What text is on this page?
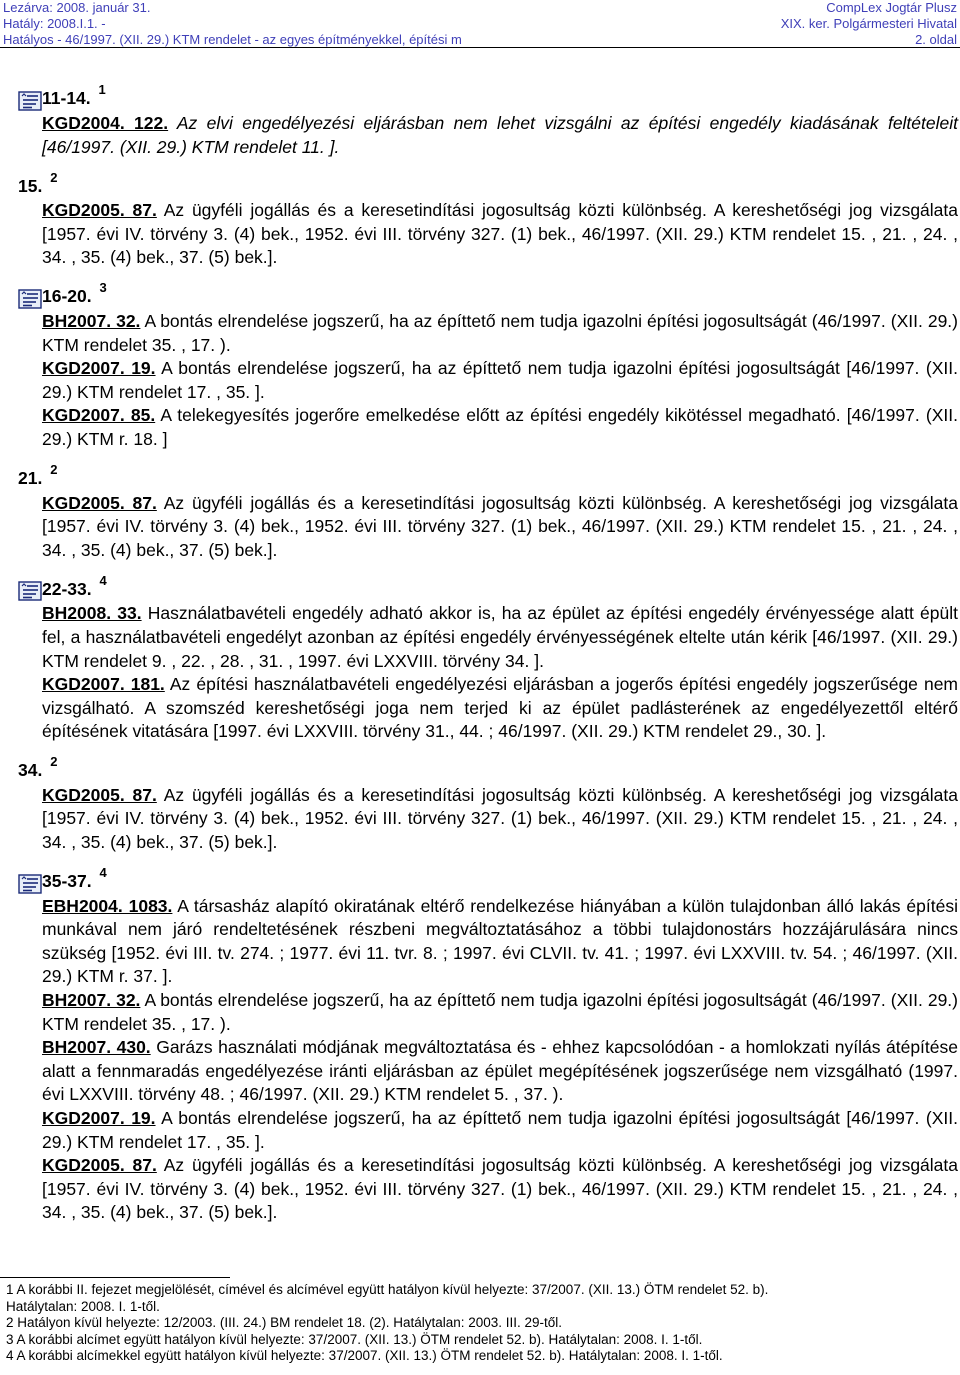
Lezárva: 2008. január 31.
Hatály: 2008.I.1. -
Hatályos - 46/1997. (XII. 29.) KTM rendelet - az egyes építményekkel, építési m
CompLex Jogtár Plusz
XIX. ker. Polgármesteri Hivatal
2. oldal
11-14. $^1$
KGD2004. 122. Az elvi engedélyezési eljárásban nem lehet vizsgálni az építési engedély kiadásának feltételeit [46/1997. (XII. 29.) KTM rendelet 11. ].
15. $^2$
KGD2005. 87. Az ügyféli jogállás és a keresetindítási jogosultság közti különbség. A kereshetőségi jog vizsgálata [1957. évi IV. törvény 3. (4) bek., 1952. évi III. törvény 327. (1) bek., 46/1997. (XII. 29.) KTM rendelet 15. , 21. , 24. , 34. , 35. (4) bek., 37. (5) bek.].
16-20. $^3$
BH2007. 32. A bontás elrendelése jogszerű, ha az építtető nem tudja igazolni építési jogosultságát (46/1997. (XII. 29.) KTM rendelet 35. , 17. ).
KGD2007. 19. A bontás elrendelése jogszerű, ha az építtető nem tudja igazolni építési jogosultságát [46/1997. (XII. 29.) KTM rendelet 17. , 35. ].
KGD2007. 85. A telekegyesítés jogerőre emelkedése előtt az építési engedély kikötéssel megadható. [46/1997. (XII. 29.) KTM r. 18. ]
21. $^2$
KGD2005. 87. Az ügyféli jogállás és a keresetindítási jogosultság közti különbség. A kereshetőségi jog vizsgálata [1957. évi IV. törvény 3. (4) bek., 1952. évi III. törvény 327. (1) bek., 46/1997. (XII. 29.) KTM rendelet 15. , 21. , 24. , 34. , 35. (4) bek., 37. (5) bek.].
22-33. $^4$
BH2008. 33. Használatbavételi engedély adható akkor is, ha az épület az építési engedély érvényessége alatt épült fel, a használatbavételi engedélyt azonban az építési engedély érvényességének eltelte után kérik [46/1997. (XII. 29.) KTM rendelet 9. , 22. , 28. , 31. , 1997. évi LXXVIII. törvény 34. ].
KGD2007. 181. Az építési használatbavételi engedélyezési eljárásban a jogerős építési engedély jogszerűsége nem vizsgálható. A szomszéd kereshetőségi joga nem terjed ki az épület padlásterének az engedélyezettől eltérő építésének vitatására [1997. évi LXXVIII. törvény 31., 44. ; 46/1997. (XII. 29.) KTM rendelet 29., 30. ].
34. $^2$
KGD2005. 87. Az ügyféli jogállás és a keresetindítási jogosultság közti különbség. A kereshetőségi jog vizsgálata [1957. évi IV. törvény 3. (4) bek., 1952. évi III. törvény 327. (1) bek., 46/1997. (XII. 29.) KTM rendelet 15. , 21. , 24. , 34. , 35. (4) bek., 37. (5) bek.].
35-37. $^4$
EBH2004. 1083. A társasház alapító okiratának eltérő rendelkezése hiányában a külön tulajdonban álló lakás építési munkával nem járó rendeltetésének részbeni megváltoztatásához a többi tulajdonostárs hozzájárulására nincs szükség [1952. évi III. tv. 274. ; 1977. évi 11. tvr. 8. ; 1997. évi CLVII. tv. 41. ; 1997. évi LXXVIII. tv. 54. ; 46/1997. (XII. 29.) KTM r. 37. ].
BH2007. 32. A bontás elrendelése jogszerű, ha az építtető nem tudja igazolni építési jogosultságát (46/1997. (XII. 29.) KTM rendelet 35. , 17. ).
BH2007. 430. Garázs használati módjának megváltoztatása és - ehhez kapcsolódóan - a homlokzati nyílás átépítése alatt a fennmaradás engedélyezése iránti eljárásban az épület megépítésének jogszerűsége nem vizsgálható (1997. évi LXXVIII. törvény 48. ; 46/1997. (XII. 29.) KTM rendelet 5. , 37. ).
KGD2007. 19. A bontás elrendelése jogszerű, ha az építtető nem tudja igazolni építési jogosultságát [46/1997. (XII. 29.) KTM rendelet 17. , 35. ].
KGD2005. 87. Az ügyféli jogállás és a keresetindítási jogosultság közti különbség. A kereshetőségi jog vizsgálata [1957. évi IV. törvény 3. (4) bek., 1952. évi III. törvény 327. (1) bek., 46/1997. (XII. 29.) KTM rendelet 15. , 21. , 24. , 34. , 35. (4) bek., 37. (5) bek.].
1 A korábbi II. fejezet megjelölését, címével és alcímével együtt hatályon kívül helyezte: 37/2007. (XII. 13.) ÖTM rendelet 52. b).
Hatálytalan: 2008. I. 1-től.
2 Hatályon kívül helyezte: 12/2003. (III. 24.) BM rendelet 18. (2). Hatálytalan: 2003. III. 29-től.
3 A korábbi alcímet együtt hatályon kívül helyezte: 37/2007. (XII. 13.) ÖTM rendelet 52. b). Hatálytalan: 2008. I. 1-től.
4 A korábbi alcímekkel együtt hatályon kívül helyezte: 37/2007. (XII. 13.) ÖTM rendelet 52. b). Hatálytalan: 2008. I. 1-től.
